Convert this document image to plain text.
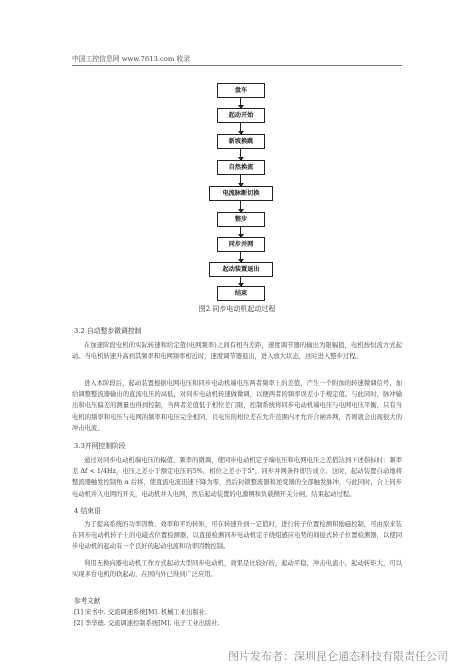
中国工控信息网 www.7613.com 收录
盘车
起动开始
新坡换跳
自然换流
电流脉断切换
整步
同步并网
起动装置退出
结束
图2 同步电动机起动过程
3.2 自动整步微调控制
在加速阶段电机的实际转速和给定值(电网频率)之间有相当差距，速度调节器的输出为限幅值，电机按恒流方式起动。当电机转速升高到其频率和电网频率相近时，速度调节器退出，进入放大状态，这时进入整步过程。
进入本阶段后，起动装置根据电网电压和同步电动机端电压两者频率上的差值，产生一个附加的转速微调信号，加给调整整流器输出的直流电压的高低，对同步电动机转速做微调，以便两者的频率误差小于规定值。与此同时，脉冲输出和电压偏差的测量也得到控制，当两者差值低于相位差门限，控制系统将同步电动机端电压与电网电压平衡，只有当电机的频率和电压与电网的频率和电压完全相同，且电压的相位差在允许范围内才允许合闸并网，否则就会出现很大的冲击电流。
3.3并网控制阶段
通过对同步电动机端电压的幅值、频率的微调，使同步电动机定子端电压和电网电压之差值达到下述指标时：频率差 Δf < 1/4Hz，电压之差小于额定电压的5%，相位之差小于5°，同步并网条件即告成立。这时，起动装置自动地将整流器触发控制角 α 后移，使直流电流迅速下降为零，然后封锁整流器和逆变器的全部触发脉冲，与此同时，合上同步电动机并入电网的开关，电动机并入电网，然后起动装置的电源侧和负载侧开关分闸，结束起动过程。
4 结束语
参考文献
[1] 宋书中. 交流调速系统[M]. 机械工业出版社.
[2] 李华德. 交流调速控制系统[M]. 电子工业出版社.
图片发布者：深圳昆仑通态科技有限责任公司
为了提高系统的功率因数、效率和平均转矩，可在转速升到一定值时，进行转子位置检测和励磁控制，可由原来装在同步电动机转子上的电磁式位置检测器，以直接检测同步电动机定子绕组感应电势的间接式转子位置检测器，以使同步电动机的起动有一个良好的起动电流和功率因数控制。
利用无换向器电动机工作方式起动大型同步电动机，效果是比较好的，起动平稳，冲击电流小，起动转矩大，可以实现多台电机的软起动，在国内外已得到广泛应用。
